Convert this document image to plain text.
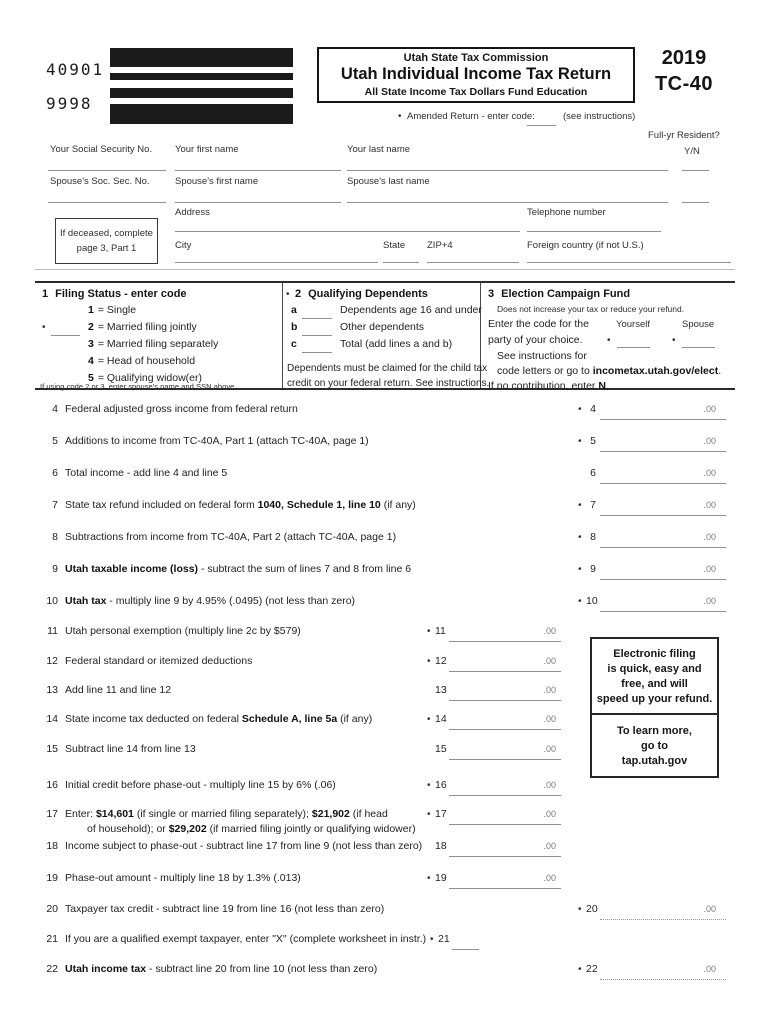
40901
9998
Utah State Tax Commission
Utah Individual Income Tax Return
All State Income Tax Dollars Fund Education
2019
TC-40
• Amended Return - enter code:	(see instructions)
Full-yr Resident?
Y/N
Your Social Security No. Your first name	Your last name
Spouse's Soc. Sec. No.	Spouse's first name	Spouse's last name
Address	Telephone number
City	State ZIP+4	Foreign country (if not U.S.)
If deceased, complete
page 3, Part 1
1 Filing Status - enter code
1 = Single
•	2 = Married filing jointly
3 = Married filing separately
4 = Head of household
5 = Qualifying widow(er)
If using code 2 or 3, enter spouse's name and SSN above
• 2 Qualifying Dependents
a	Dependents age 16 and under
b	Other dependents
c	Total (add lines a and b)
Dependents must be claimed for the child tax
credit on your federal return. See instructions.
3 Election Campaign Fund
Does not increase your tax or reduce your refund.
Enter the code for the	Yourself	Spouse
party of your choice. •	•
See instructions for
code letters or go to incometax.utah.gov/elect.
If no contribution, enter N.
4 Federal adjusted gross income from federal return	• 4	.00
5 Additions to income from TC-40A, Part 1 (attach TC-40A, page 1)	• 5	.00
6 Total income - add line 4 and line 5	6	.00
7 State tax refund included on federal form 1040, Schedule 1, line 10 (if any)	• 7	.00
8 Subtractions from income from TC-40A, Part 2 (attach TC-40A, page 1)	• 8	.00
9 Utah taxable income (loss) - subtract the sum of lines 7 and 8 from line 6	• 9	.00
10 Utah tax - multiply line 9 by 4.95% (.0495) (not less than zero)	• 10	.00
11 Utah personal exemption (multiply line 2c by $579)	• 11	.00
12 Federal standard or itemized deductions	• 12	.00
13 Add line 11 and line 12	13	.00
14 State income tax deducted on federal Schedule A, line 5a (if any)	• 14	.00
15 Subtract line 14 from line 13	15	.00
16 Initial credit before phase-out - multiply line 15 by 6% (.06)	• 16	.00
17 Enter: $14,601 (if single or married filing separately); $21,902 (if head
of household); or $29,202 (if married filing jointly or qualifying widower)
• 17	.00
18 Income subject to phase-out - subtract line 17 from line 9 (not less than zero) 18	.00
19 Phase-out amount - multiply line 18 by 1.3% (.013)	• 19	.00
20 Taxpayer tax credit - subtract line 19 from line 16 (not less than zero)	• 20	.00
21 If you are a qualified exempt taxpayer, enter "X" (complete worksheet in instr.) • 21
22 Utah income tax - subtract line 20 from line 10 (not less than zero)	• 22	.00
Electronic filing
is quick, easy and
free, and will
speed up your refund.
To learn more,
go to
tap.utah.gov
